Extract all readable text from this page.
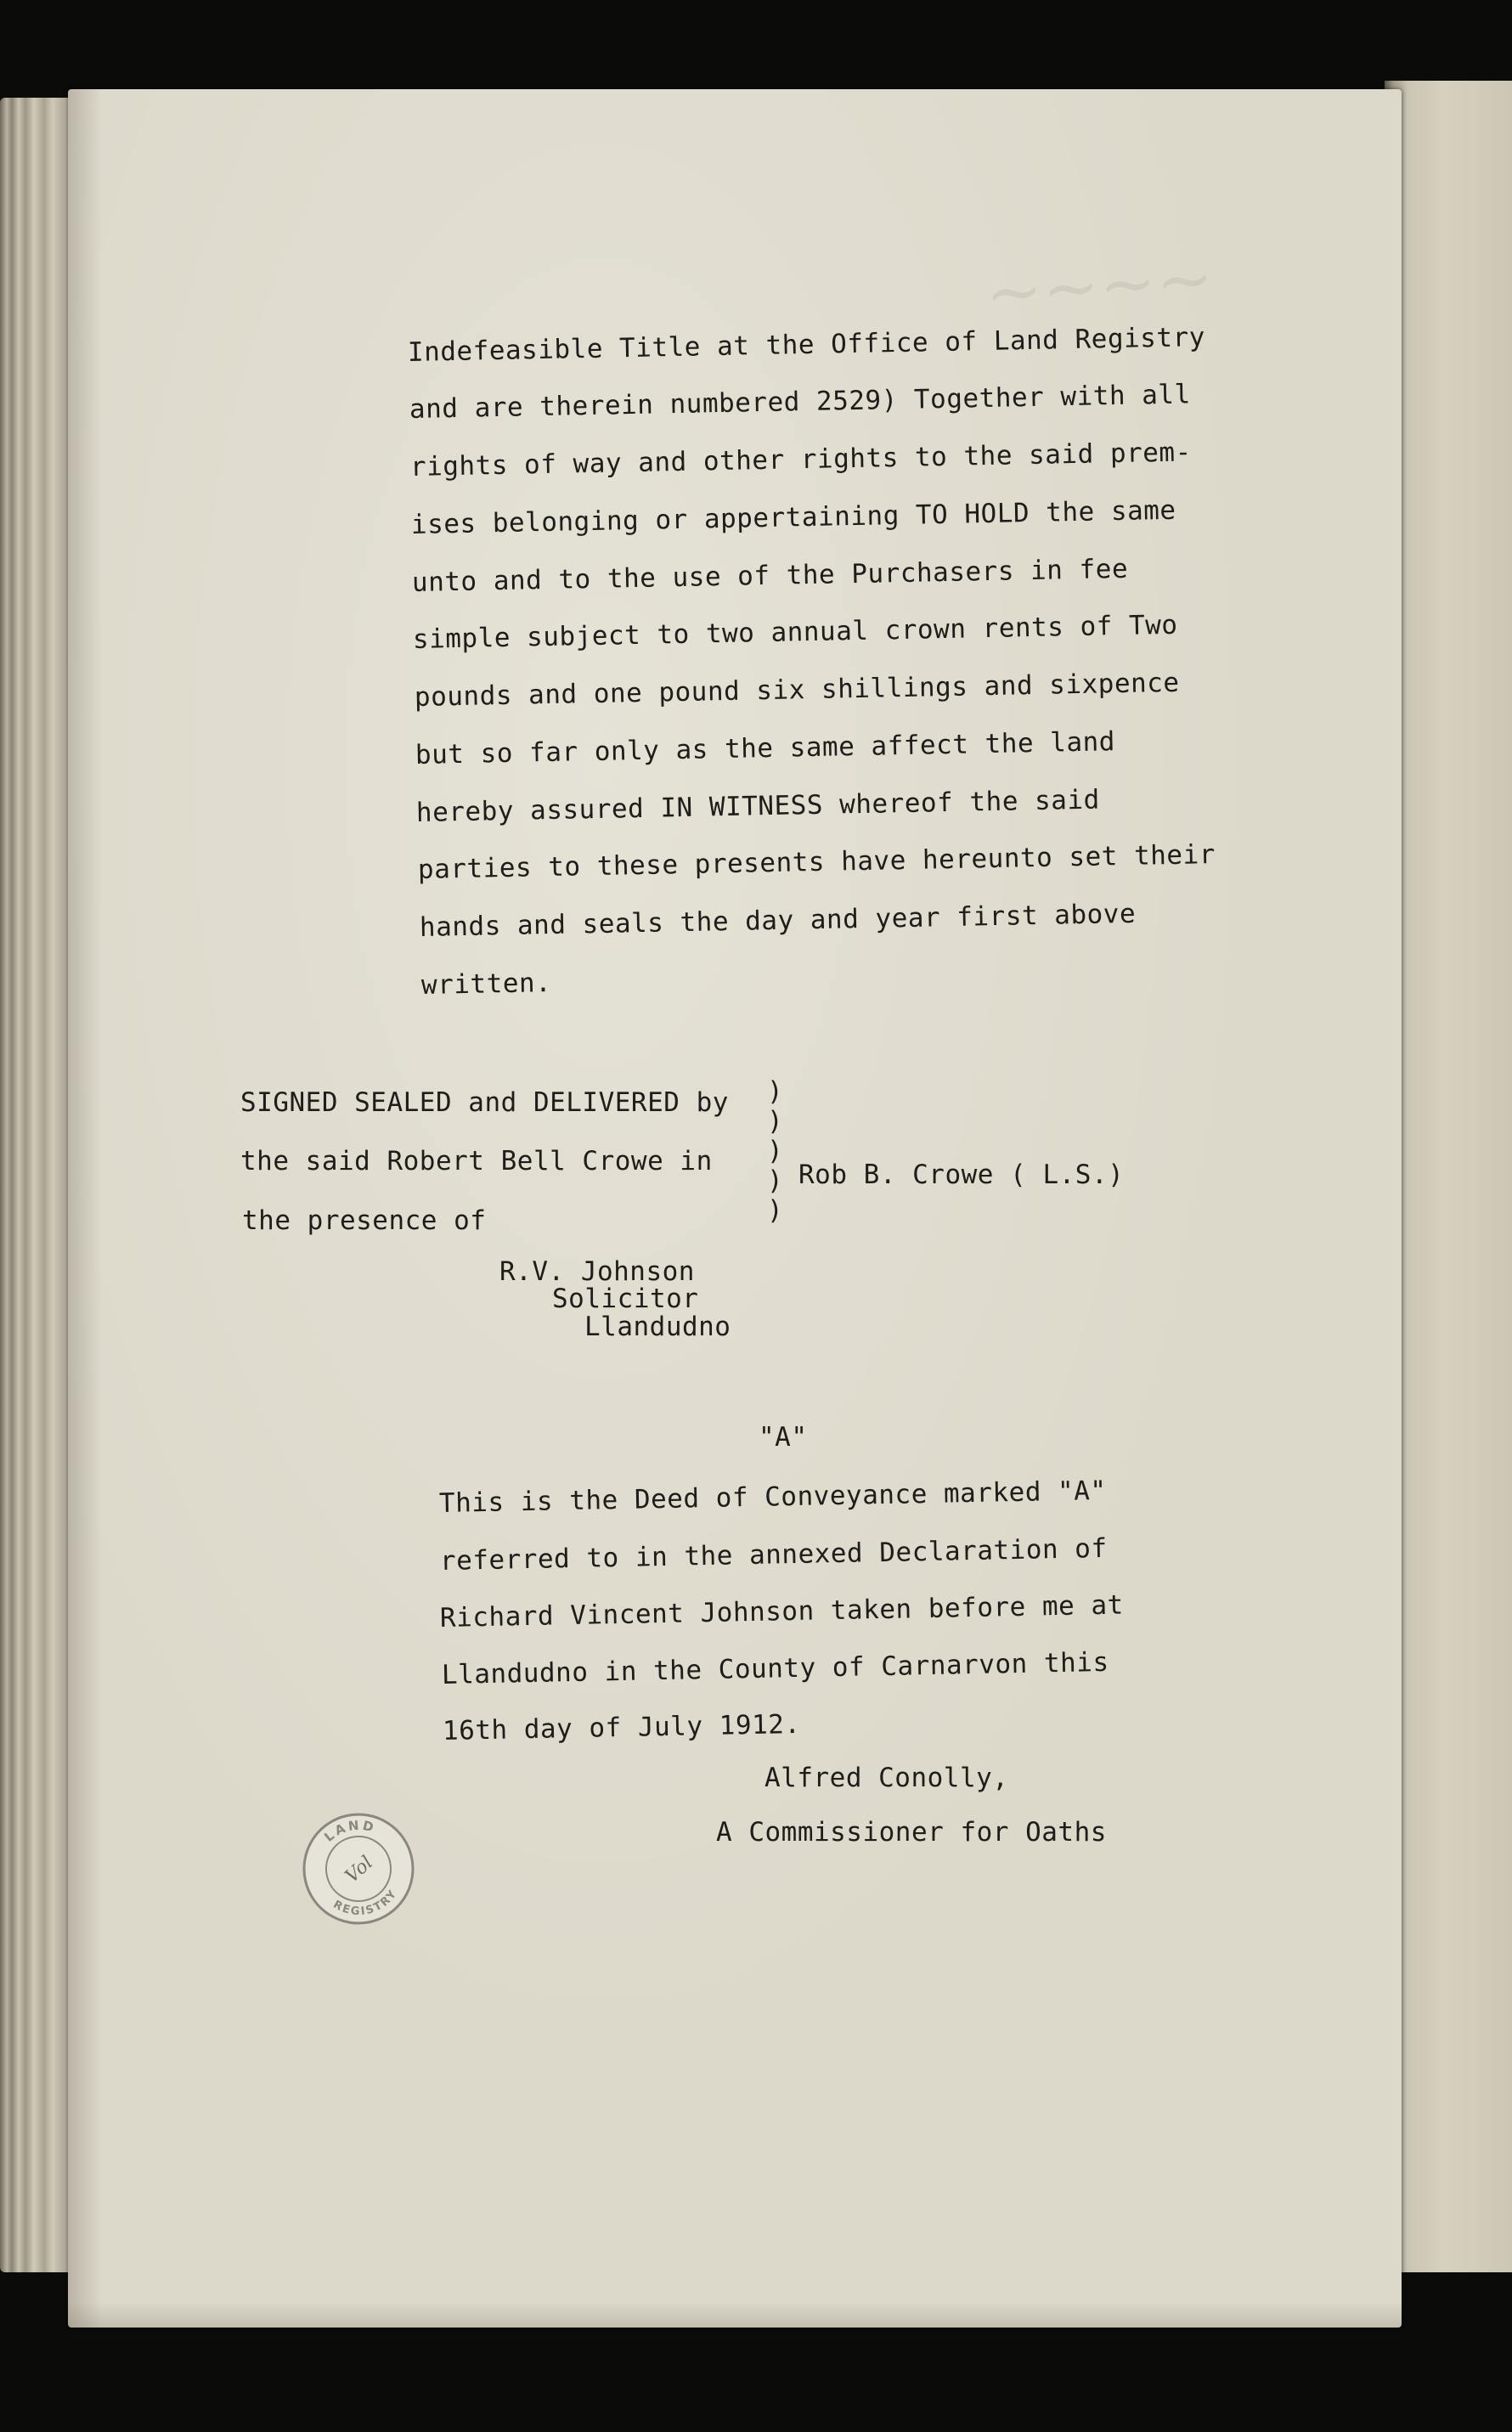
~~~~
Indefeasible Title at the Office of Land Registry
and are therein numbered 2529) Together with all
rights of way and other rights to the said prem-
ises belonging or appertaining TO HOLD the same
unto and to the use of the Purchasers in fee
simple subject to two annual crown rents of Two
pounds and one pound six shillings and sixpence
but so far only as the same affect the land
hereby assured IN WITNESS whereof the said
parties to these presents have hereunto set their
hands and seals the day and year first above
written.
SIGNED SEALED and DELIVERED by
the said Robert Bell Crowe in
the presence of
)
)
)
)
)
Rob B. Crowe ( L.S.)
R.V. Johnson
Solicitor
Llandudno
"A"
This is the Deed of Conveyance marked "A"
referred to in the annexed Declaration of
Richard Vincent Johnson taken before me at
Llandudno in the County of Carnarvon this
16th day of July 1912.
Alfred Conolly,
A Commissioner for Oaths
LAND
REGISTRY
Vol
